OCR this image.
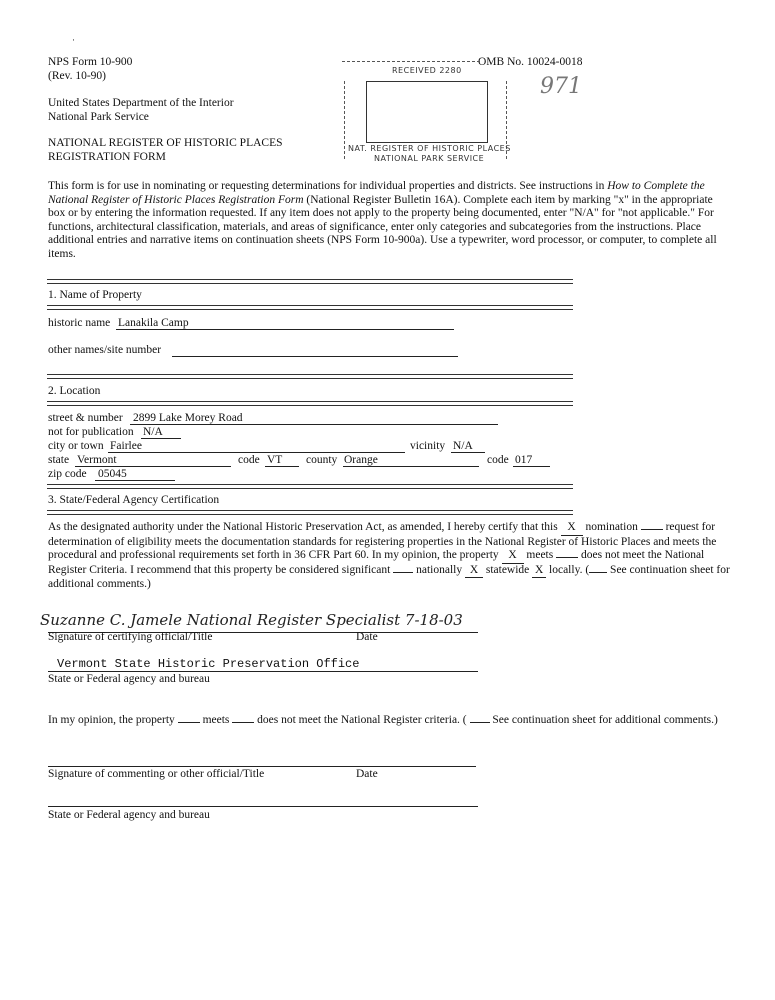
·
NPS Form 10-900
(Rev. 10-90)
OMB No. 10024-0018
United States Department of the Interior
National Park Service
NATIONAL REGISTER OF HISTORIC PLACES
REGISTRATION FORM
RECEIVED 2280
NAT. REGISTER OF HISTORIC PLACES
NATIONAL PARK SERVICE
971
This form is for use in nominating or requesting determinations for individual properties and districts. See instructions in How to Complete the National Register of Historic Places Registration Form (National Register Bulletin 16A). Complete each item by marking "x" in the appropriate box or by entering the information requested. If any item does not apply to the property being documented, enter "N/A" for "not applicable." For functions, architectural classification, materials, and areas of significance, enter only categories and subcategories from the instructions. Place additional entries and narrative items on continuation sheets (NPS Form 10-900a). Use a typewriter, word processor, or computer, to complete all items.
1. Name of Property
historic name Lanakila Camp
other names/site number
2. Location
street & number 2899 Lake Morey Road
not for publication N/A
city or town Fairlee	vicinity N/A
state Vermont	code VT	county Orange	code 017
zip code 05045
3. State/Federal Agency Certification
As the designated authority under the National Historic Preservation Act, as amended, I hereby certify that this X nomination request for determination of eligibility meets the documentation standards for registering properties in the National Register of Historic Places and meets the procedural and professional requirements set forth in 36 CFR Part 60. In my opinion, the property X meets does not meet the National Register Criteria. I recommend that this property be considered significant nationally X statewide X locally. ( See continuation sheet for additional comments.)
Suzanne C. Jamele National Register Specialist 7-18-03
Signature of certifying official/Title	Date
Vermont State Historic Preservation Office
State or Federal agency and bureau
In my opinion, the property meets does not meet the National Register criteria. ( See continuation sheet for additional comments.)
Signature of commenting or other official/Title	Date
State or Federal agency and bureau
